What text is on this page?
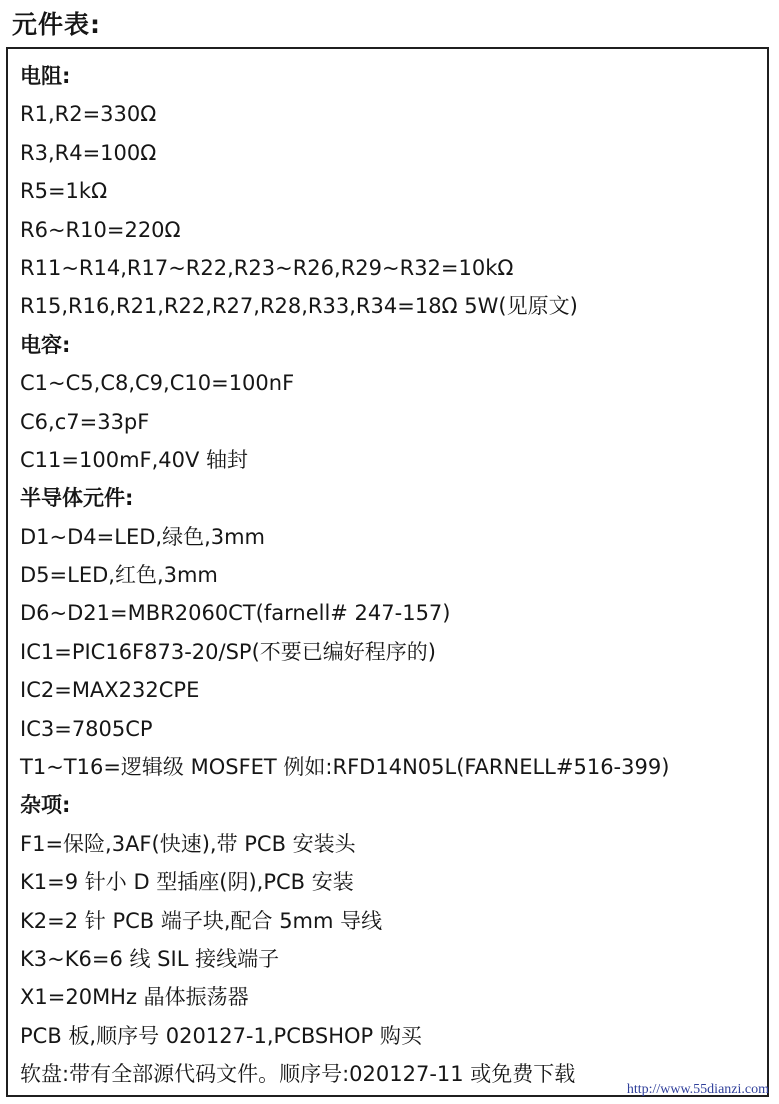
元件表:
电阻:
R1,R2=330Ω
R3,R4=100Ω
R5=1kΩ
R6~R10=220Ω
R11~R14,R17~R22,R23~R26,R29~R32=10kΩ
R15,R16,R21,R22,R27,R28,R33,R34=18Ω 5W(见原文)
电容:
C1~C5,C8,C9,C10=100nF
C6,c7=33pF
C11=100mF,40V 轴封
半导体元件:
D1~D4=LED,绿色,3mm
D5=LED,红色,3mm
D6~D21=MBR2060CT(farnell# 247-157)
IC1=PIC16F873-20/SP(不要已编好程序的)
IC2=MAX232CPE
IC3=7805CP
T1~T16=逻辑级 MOSFET 例如:RFD14N05L(FARNELL#516-399)
杂项:
F1=保险,3AF(快速),带 PCB 安装头
K1=9 针小 D 型插座(阴),PCB 安装
K2=2 针 PCB 端子块,配合 5mm 导线
K3~K6=6 线 SIL 接线端子
X1=20MHz 晶体振荡器
PCB 板,顺序号 020127-1,PCBSHOP 购买
软盘:带有全部源代码文件。顺序号:020127-11 或免费下载
http://www.55dianzi.com
